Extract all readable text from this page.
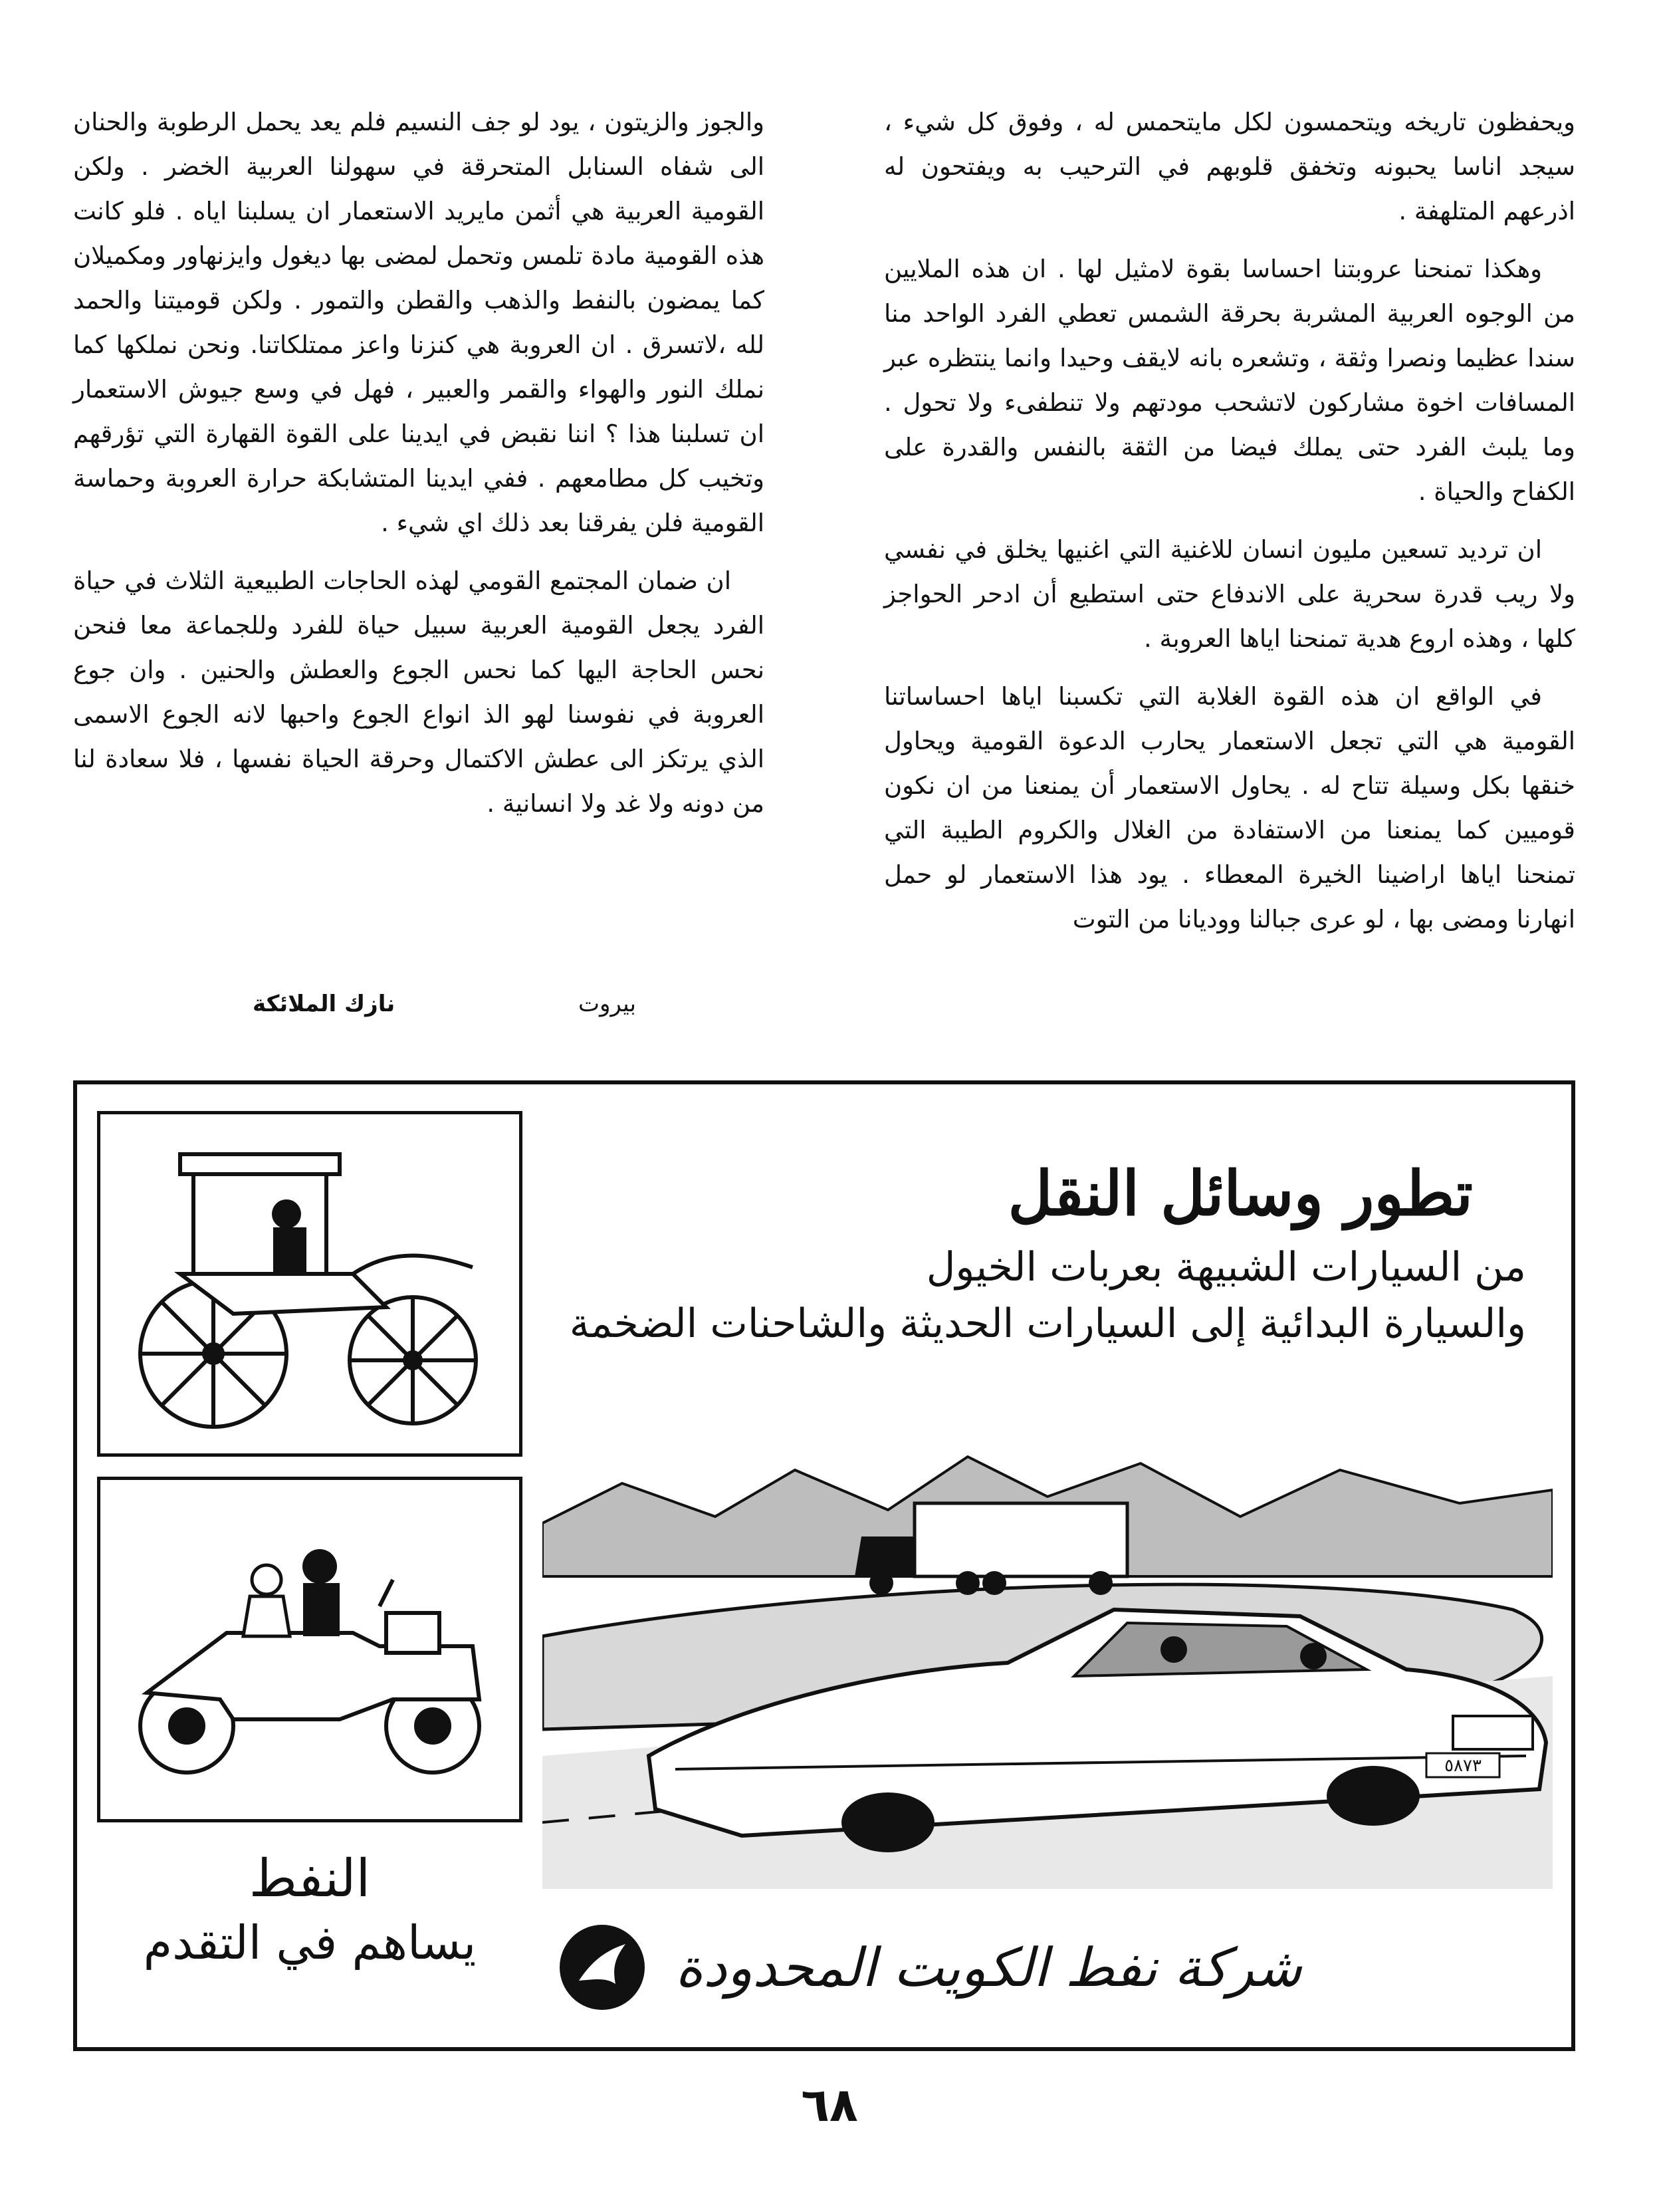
ويحفظون تاريخه ويتحمسون لكل مايتحمس له ، وفوق كل شيء ، سيجد اناسا يحبونه وتخفق قلوبهم في الترحيب به ويفتحون له اذرعهم المتلهفة .

وهكذا تمنحنا عروبتنا احساسا بقوة لامثيل لها . ان هذه الملايين من الوجوه العربية المشربة بحرقة الشمس تعطي الفرد الواحد منا سندا عظيما ونصرا وثقة ، وتشعره بانه لايقف وحيدا وانما ينتظره عبر المسافات اخوة مشاركون لاتشحب مودتهم ولا تنطفىء ولا تحول . وما يلبث الفرد حتى يملك فيضا من الثقة بالنفس والقدرة على الكفاح والحياة .

ان ترديد تسعين مليون انسان للاغنية التي اغنيها يخلق في نفسي ولا ريب قدرة سحرية على الاندفاع حتى استطيع أن ادحر الحواجز كلها ، وهذه اروع هدية تمنحنا اياها العروبة .

في الواقع ان هذه القوة الغلابة التي تكسبنا اياها احساساتنا القومية هي التي تجعل الاستعمار يحارب الدعوة القومية ويحاول خنقها بكل وسيلة تتاح له . يحاول الاستعمار أن يمنعنا من ان نكون قوميين كما يمنعنا من الاستفادة من الغلال والكروم الطيبة التي تمنحنا اياها اراضينا الخيرة المعطاء . يود هذا الاستعمار لو حمل انهارنا ومضى بها ، لو عرى جبالنا ووديانا من التوت

والجوز والزيتون ، يود لو جف النسيم فلم يعد يحمل الرطوبة والحنان الى شفاه السنابل المتحرقة في سهولنا العربية الخضر . ولكن القومية العربية هي أثمن مايريد الاستعمار ان يسلبنا اياه . فلو كانت هذه القومية مادة تلمس وتحمل لمضى بها ديغول وايزنهاور ومكميلان كما يمضون بالنفط والذهب والقطن والتمور . ولكن قوميتنا والحمد لله ،لاتسرق . ان العروبة هي كنزنا واعز ممتلكاتنا. ونحن نملكها كما نملك النور والهواء والقمر والعبير ، فهل في وسع جيوش الاستعمار ان تسلبنا هذا ؟ اننا نقبض في ايدينا على القوة القهارة التي تؤرقهم وتخيب كل مطامعهم . ففي ايدينا المتشابكة حرارة العروبة وحماسة القومية فلن يفرقنا بعد ذلك اي شيء .

ان ضمان المجتمع القومي لهذه الحاجات الطبيعية الثلاث في حياة الفرد يجعل القومية العربية سبيل حياة للفرد وللجماعة معا فنحن نحس الحاجة اليها كما نحس الجوع والعطش والحنين . وان جوع العروبة في نفوسنا لهو الذ انواع الجوع واحبها لانه الجوع الاسمى الذي يرتكز الى عطش الاكتمال وحرقة الحياة نفسها ، فلا سعادة لنا من دونه ولا غد ولا انسانية .

بيروت
نازك الملائكة
النفط
يساهم في التقدم
تطور وسائل النقل
من السيارات الشبيهة بعربات الخيول
والسيارة البدائية إلى السيارات الحديثة والشاحنات الضخمة
٥٨٧٣
شركة نفط الكويت المحدودة
٦٨
